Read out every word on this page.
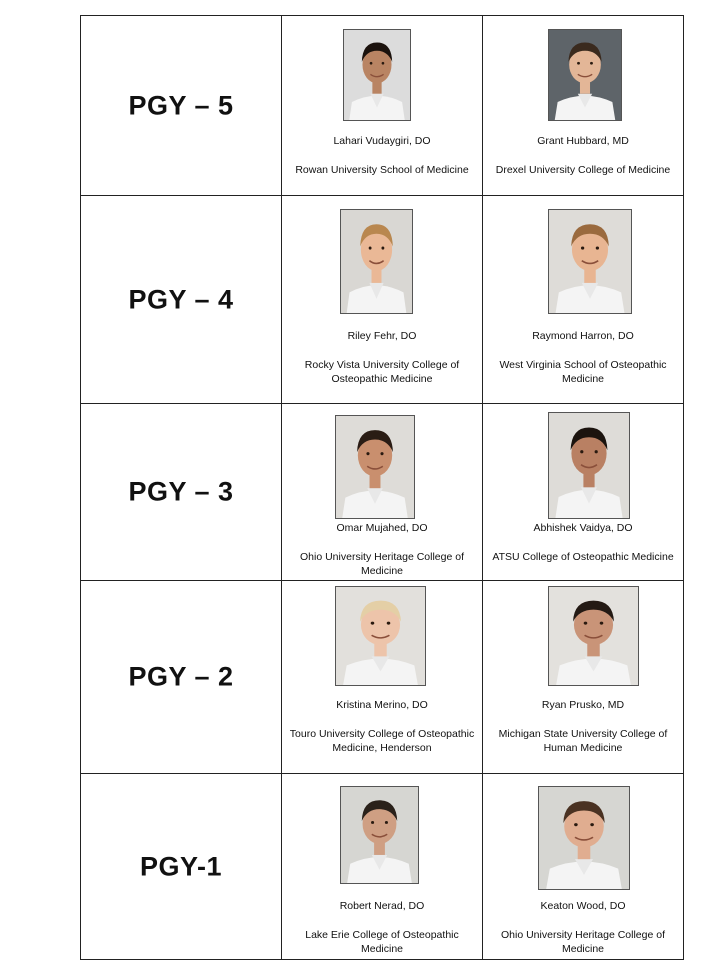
PGY – 5
Lahari Vudaygiri, DO
Rowan University School of Medicine
Grant Hubbard, MD
Drexel University College of Medicine
PGY – 4
Riley Fehr, DO
Rocky Vista University College of Osteopathic Medicine
Raymond Harron, DO
West Virginia School of Osteopathic Medicine
PGY – 3
Omar Mujahed, DO
Ohio University Heritage College of Medicine
Abhishek Vaidya, DO
ATSU College of Osteopathic Medicine
PGY – 2
Kristina Merino, DO
Touro University College of Osteopathic Medicine, Henderson
Ryan Prusko, MD
Michigan State University College of Human Medicine
PGY-1
Robert Nerad, DO
Lake Erie College of Osteopathic Medicine
Keaton Wood, DO
Ohio University Heritage College of Medicine
